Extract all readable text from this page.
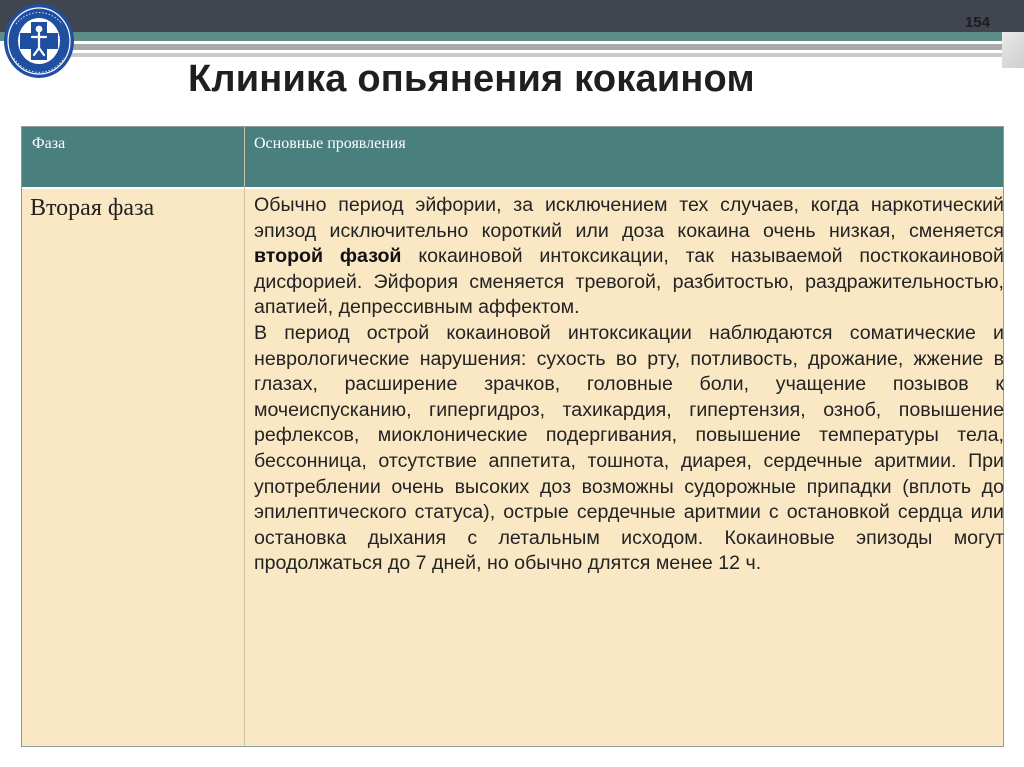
154
Клиника опьянения кокаином
Фаза	Основные проявления
Вторая фаза	Обычно период эйфории, за исключением тех случаев, когда наркотический эпизод исключительно короткий или доза кокаина очень низкая, сменяется второй фазой кокаиновой интоксикации, так называемой посткокаиновой дисфорией. Эйфория сменяется тревогой, разбитостью, раздражительностью, апатией, депрессивным аффектом.

В период острой кокаиновой интоксикации наблюдаются соматические и неврологические нарушения: сухость во рту, потливость, дрожание, жжение в глазах, расширение зрачков, головные боли, учащение позывов к мочеиспусканию, гипергидроз, тахикардия, гипертензия, озноб, повышение рефлексов, миоклонические подергивания, повышение температуры тела, бессонница, отсутствие аппетита, тошнота, диарея, сердечные аритмии. При употреблении очень высоких доз возможны судорожные припадки (вплоть до эпилептического статуса), острые сердечные аритмии с остановкой сердца или остановка дыхания с летальным исходом. Кокаиновые эпизоды могут продолжаться до 7 дней, но обычно длятся менее 12 ч.
